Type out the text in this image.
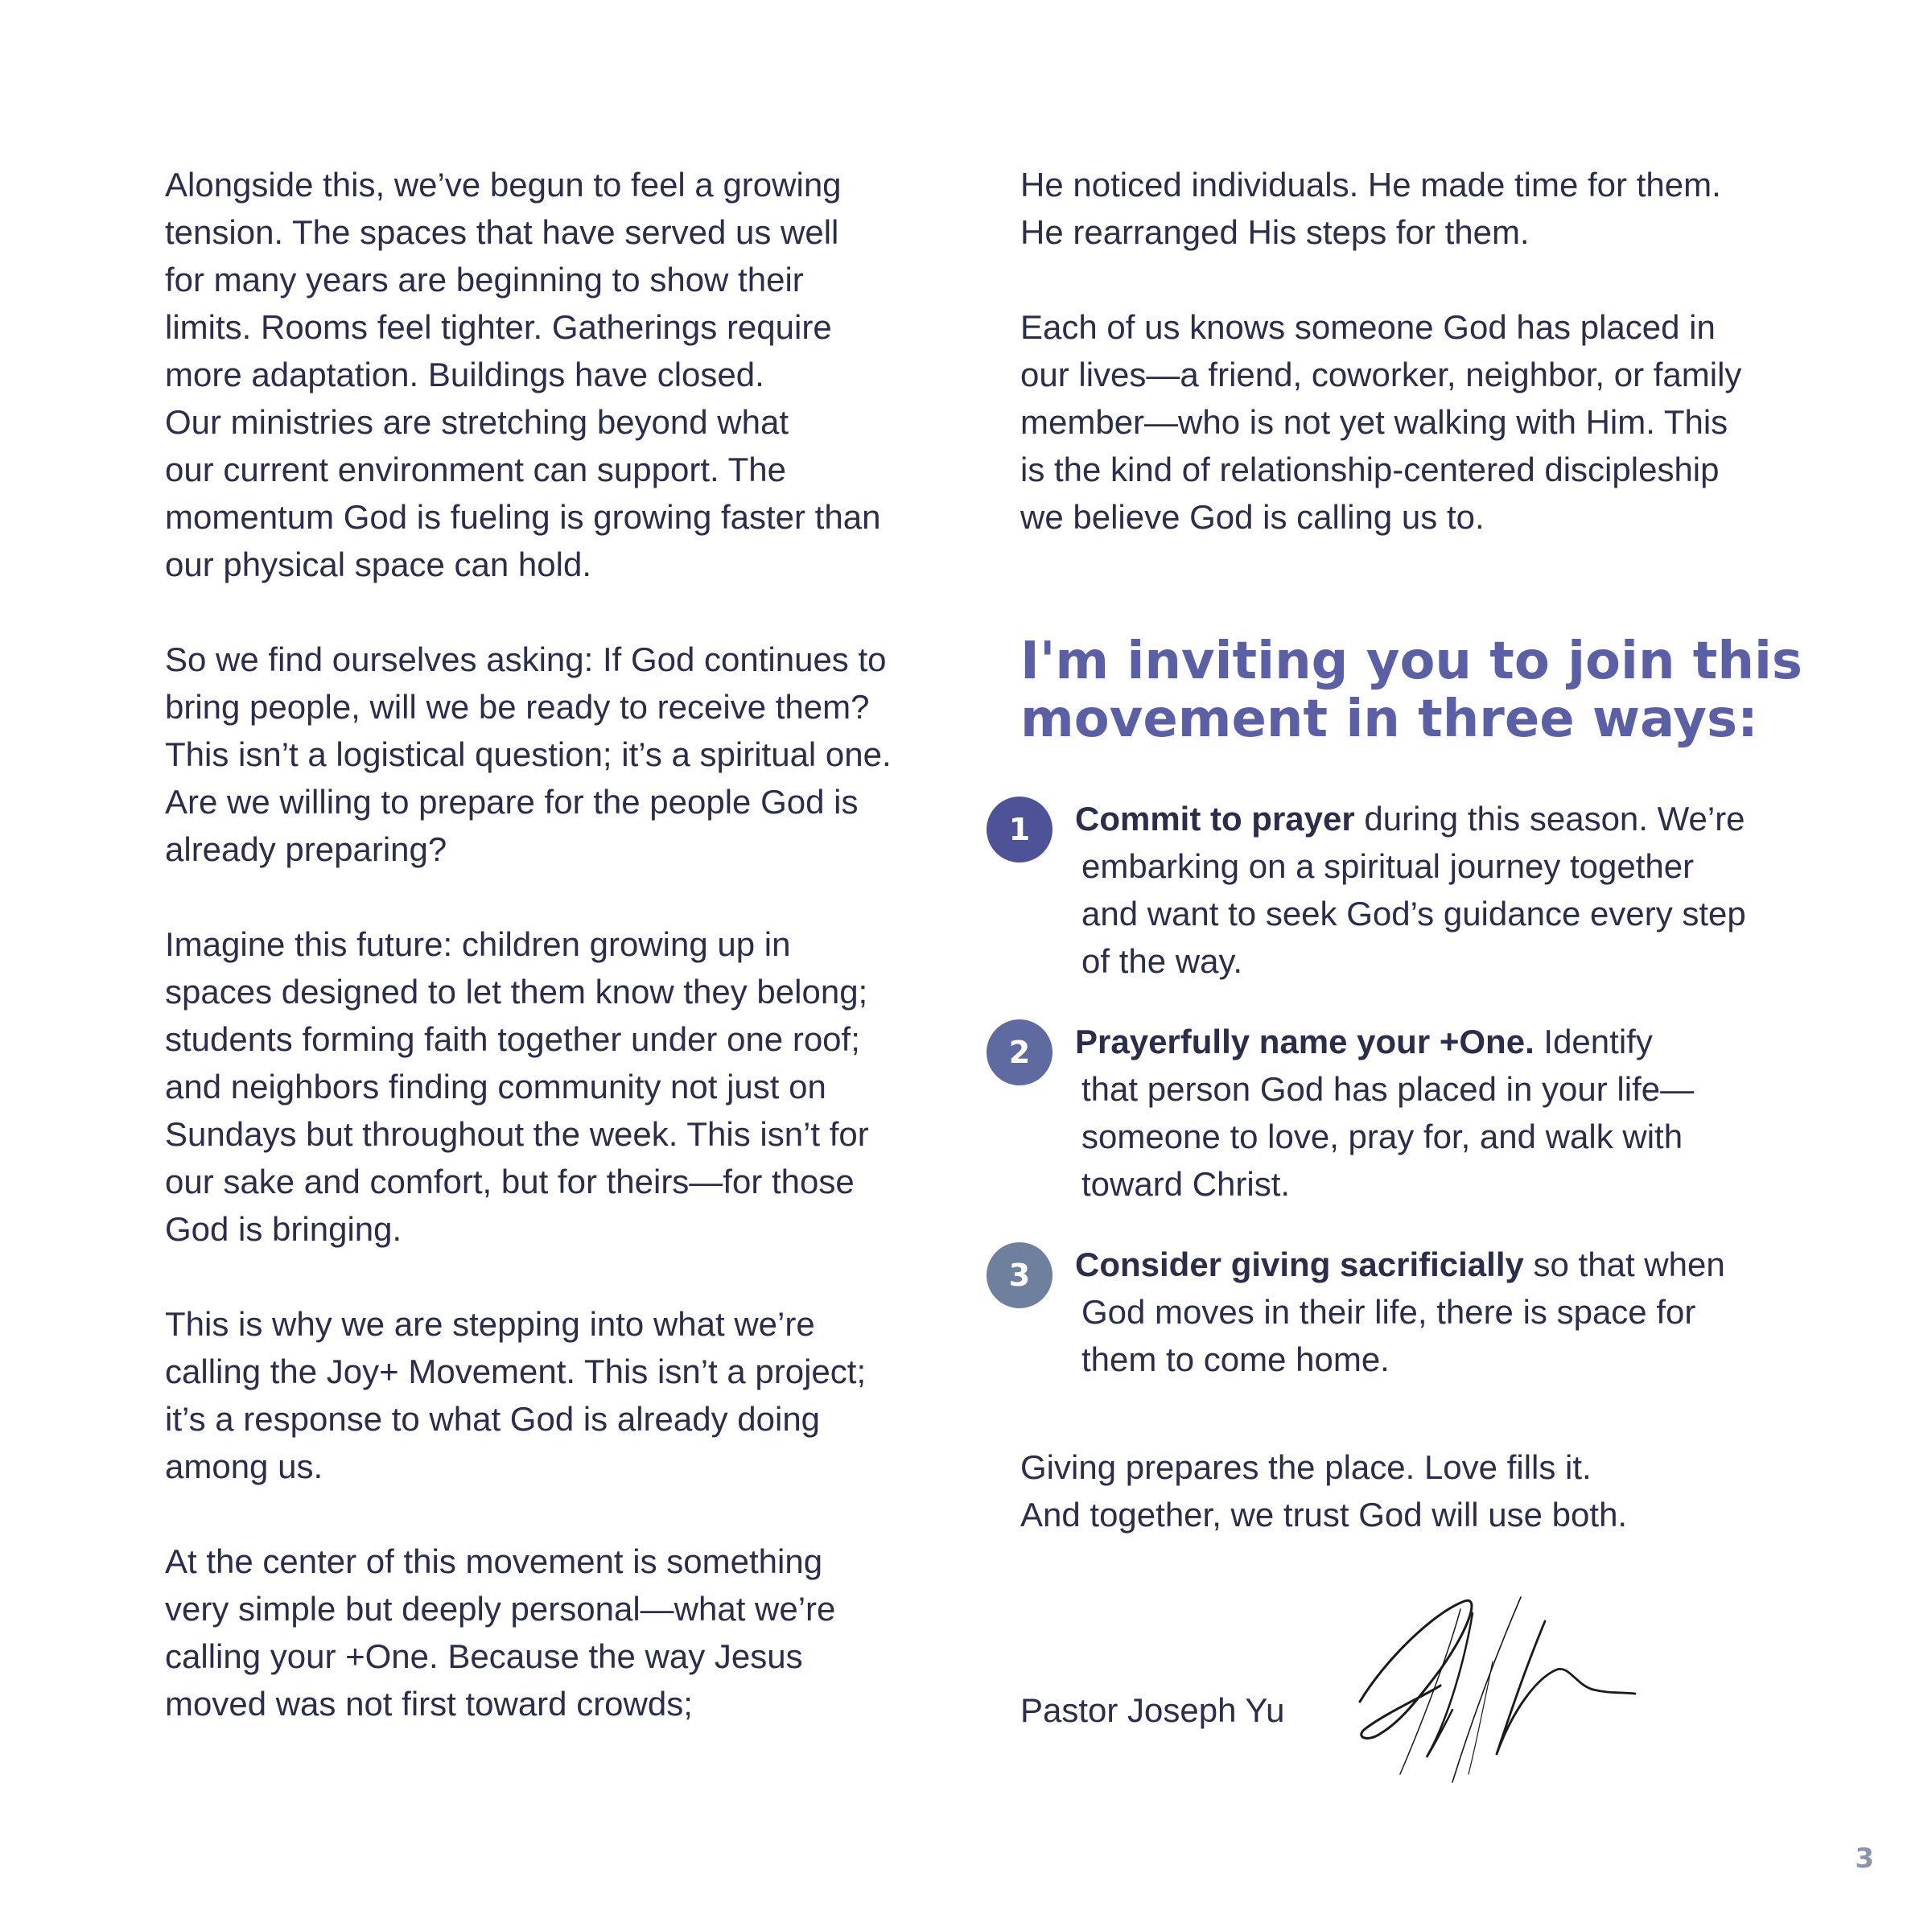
Alongside this, we’ve begun to feel a growing
tension. The spaces that have served us well
for many years are beginning to show their
limits. Rooms feel tighter. Gatherings require
more adaptation. Buildings have closed.
Our ministries are stretching beyond what
our current environment can support. The
momentum God is fueling is growing faster than
our physical space can hold.

So we find ourselves asking: If God continues to
bring people, will we be ready to receive them?
This isn’t a logistical question; it’s a spiritual one.
Are we willing to prepare for the people God is
already preparing?

Imagine this future: children growing up in
spaces designed to let them know they belong;
students forming faith together under one roof;
and neighbors finding community not just on
Sundays but throughout the week. This isn’t for
our sake and comfort, but for theirs—for those
God is bringing.

This is why we are stepping into what we’re
calling the Joy+ Movement. This isn’t a project;
it’s a response to what God is already doing
among us.

At the center of this movement is something
very simple but deeply personal—what we’re
calling your +One. Because the way Jesus
moved was not first toward crowds;

He noticed individuals. He made time for them.
He rearranged His steps for them.

Each of us knows someone God has placed in
our lives—a friend, coworker, neighbor, or family
member—who is not yet walking with Him. This
is the kind of relationship-centered discipleship
we believe God is calling us to.

I'm inviting you to join this
movement in three ways:
1	Commit to prayer during this season. We’re
embarking on a spiritual journey together
and want to seek God’s guidance every step
of the way.

2	Prayerfully name your +One. Identify
that person God has placed in your life—
someone to love, pray for, and walk with
toward Christ.

3	Consider giving sacrificially so that when
God moves in their life, there is space for
them to come home.

Giving prepares the place. Love fills it.
And together, we trust God will use both.

Pastor Joseph Yu

3
